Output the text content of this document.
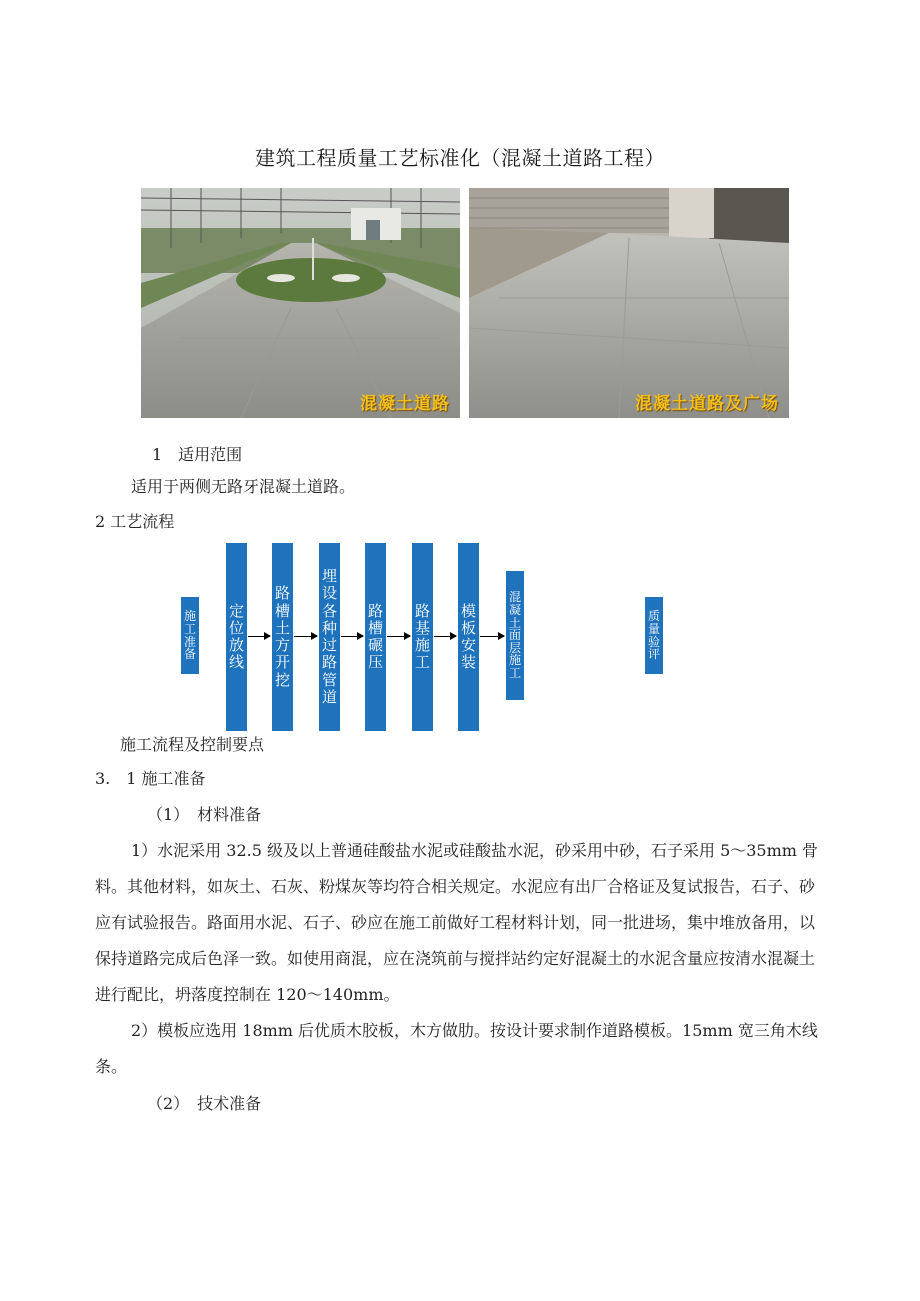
建筑工程质量工艺标准化（混凝土道路工程）
混凝土道路	混凝土道路及广场
1　适用范围
适用于两侧无路牙混凝土道路。
2 工艺流程
施
工
准
备
定
位
放
线
路
槽
土
方
开
挖
埋
设
各
种
过
路
管
道
路
槽
碾
压
路
基
施
工
模
板
安
装
混
凝
土
面
层
施
工
质
量
验
评
施工流程及控制要点
3.　1 施工准备
（1）　材料准备
1）水泥采用 32.5 级及以上普通硅酸盐水泥或硅酸盐水泥，砂采用中砂，石子采用 5～35mm 骨料。其他材料，如灰土、石灰、粉煤灰等均符合相关规定。水泥应有出厂合格证及复试报告，石子、砂应有试验报告。路面用水泥、石子、砂应在施工前做好工程材料计划，同一批进场，集中堆放备用，以保持道路完成后色泽一致。如使用商混，应在浇筑前与搅拌站约定好混凝土的水泥含量应按清水混凝土进行配比，坍落度控制在 120～140mm。
2）模板应选用 18mm 后优质木胶板，木方做肋。按设计要求制作道路模板。15mm 宽三角木线条。
（2）　技术准备
